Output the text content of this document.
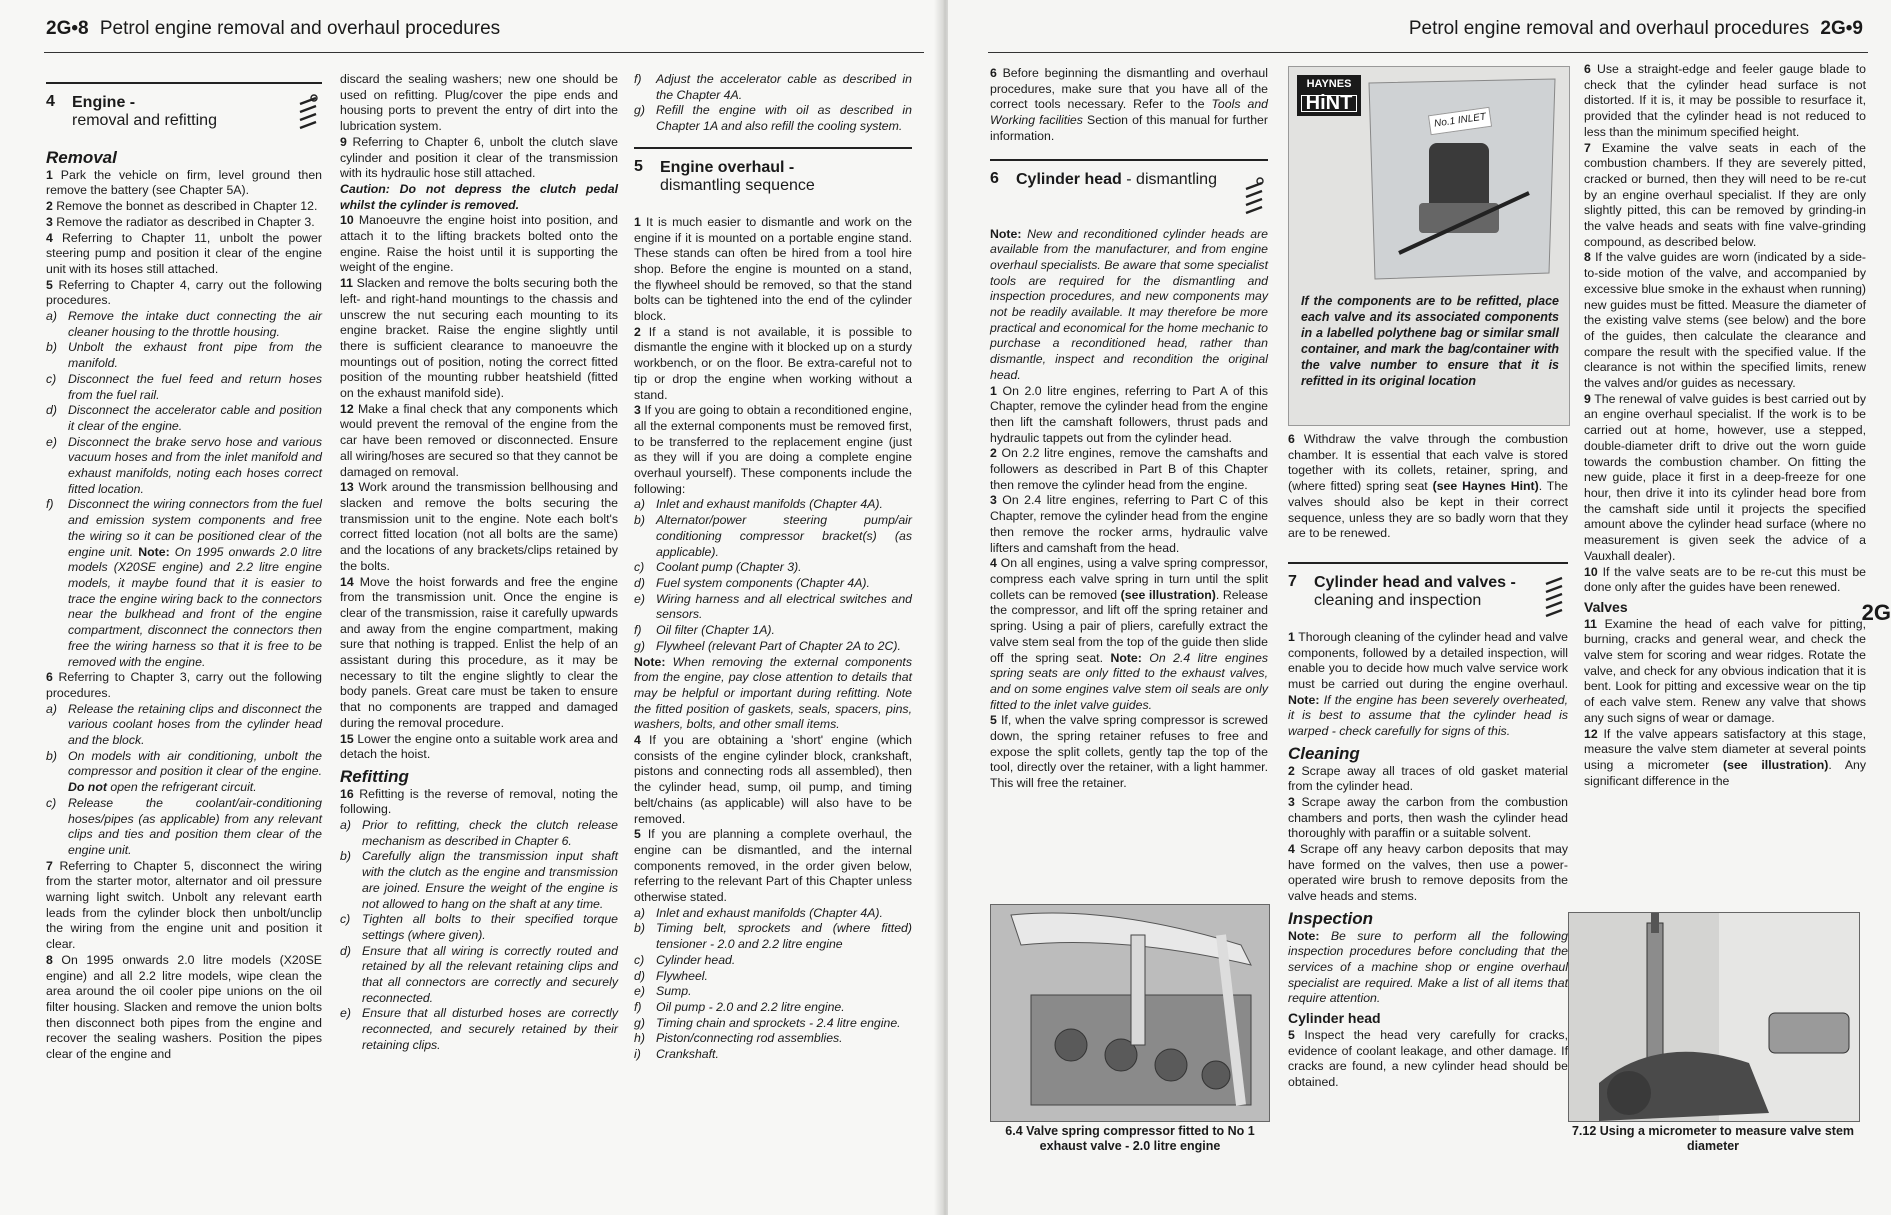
2G•8 Petrol engine removal and overhaul procedures
4	Engine -
removal and refitting
Removal

1 Park the vehicle on firm, level ground then remove the battery (see Chapter 5A).

2 Remove the bonnet as described in Chapter 12.

3 Remove the radiator as described in Chapter 3.

4 Referring to Chapter 11, unbolt the power steering pump and position it clear of the engine unit with its hoses still attached.

5 Referring to Chapter 4, carry out the following procedures.

a) Remove the intake duct connecting the air cleaner housing to the throttle housing.
b) Unbolt the exhaust front pipe from the manifold.
c) Disconnect the fuel feed and return hoses from the fuel rail.
d) Disconnect the accelerator cable and position it clear of the engine.
e) Disconnect the brake servo hose and various vacuum hoses and from the inlet manifold and exhaust manifolds, noting each hoses correct fitted location.
f)	Disconnect the wiring connectors from the fuel and emission system components and free the wiring so it can be positioned clear of the engine unit. Note: On 1995 onwards 2.0 litre models (X20SE engine) and 2.2 litre engine models, it maybe found that it is easier to trace the engine wiring back to the connectors near the bulkhead and front of the engine compartment, disconnect the connectors then free the wiring harness so that it is free to be removed with the engine.

6 Referring to Chapter 3, carry out the following procedures.

a) Release the retaining clips and disconnect the various coolant hoses from the cylinder head and the block.
b) On models with air conditioning, unbolt the compressor and position it clear of the engine. Do not open the refrigerant circuit.
c) Release the coolant/air-conditioning hoses/pipes (as applicable) from any relevant clips and ties and position them clear of the engine unit.

7 Referring to Chapter 5, disconnect the wiring from the starter motor, alternator and oil pressure warning light switch. Unbolt any relevant earth leads from the cylinder block then unbolt/unclip the wiring from the engine unit and position it clear.

8 On 1995 onwards 2.0 litre models (X20SE engine) and all 2.2 litre models, wipe clean the area around the oil cooler pipe unions on the oil filter housing. Slacken and remove the union bolts then disconnect both pipes from the engine and recover the sealing washers. Position the pipes clear of the engine and

discard the sealing washers; new one should be used on refitting. Plug/cover the pipe ends and housing ports to prevent the entry of dirt into the lubrication system.

9 Referring to Chapter 6, unbolt the clutch slave cylinder and position it clear of the transmission with its hydraulic hose still attached.

Caution: Do not depress the clutch pedal whilst the cylinder is removed.

10 Manoeuvre the engine hoist into position, and attach it to the lifting brackets bolted onto the engine. Raise the hoist until it is supporting the weight of the engine.

11 Slacken and remove the bolts securing both the left- and right-hand mountings to the chassis and unscrew the nut securing each mounting to its engine bracket. Raise the engine slightly until there is sufficient clearance to manoeuvre the mountings out of position, noting the correct fitted position of the mounting rubber heatshield (fitted on the exhaust manifold side).

12 Make a final check that any components which would prevent the removal of the engine from the car have been removed or disconnected. Ensure all wiring/hoses are secured so that they cannot be damaged on removal.

13 Work around the transmission bellhousing and slacken and remove the bolts securing the transmission unit to the engine. Note each bolt's correct fitted location (not all bolts are the same) and the locations of any brackets/clips retained by the bolts.

14 Move the hoist forwards and free the engine from the transmission unit. Once the engine is clear of the transmission, raise it carefully upwards and away from the engine compartment, making sure that nothing is trapped. Enlist the help of an assistant during this procedure, as it may be necessary to tilt the engine slightly to clear the body panels. Great care must be taken to ensure that no components are trapped and damaged during the removal procedure.

15 Lower the engine onto a suitable work area and detach the hoist.

Refitting

16 Refitting is the reverse of removal, noting the following.

a) Prior to refitting, check the clutch release mechanism as described in Chapter 6.
b) Carefully align the transmission input shaft with the clutch as the engine and transmission are joined. Ensure the weight of the engine is not allowed to hang on the shaft at any time.
c) Tighten all bolts to their specified torque settings (where given).
d) Ensure that all wiring is correctly routed and retained by all the relevant retaining clips and that all connectors are correctly and securely reconnected.
e) Ensure that all disturbed hoses are correctly reconnected, and securely retained by their retaining clips.
f)	Adjust the accelerator cable as described in the Chapter 4A.
g) Refill the engine with oil as described in Chapter 1A and also refill the cooling system.
5	Engine overhaul -
dismantling sequence

1 It is much easier to dismantle and work on the engine if it is mounted on a portable engine stand. These stands can often be hired from a tool hire shop. Before the engine is mounted on a stand, the flywheel should be removed, so that the stand bolts can be tightened into the end of the cylinder block.

2 If a stand is not available, it is possible to dismantle the engine with it blocked up on a sturdy workbench, or on the floor. Be extra-careful not to tip or drop the engine when working without a stand.

3 If you are going to obtain a reconditioned engine, all the external components must be removed first, to be transferred to the replacement engine (just as they will if you are doing a complete engine overhaul yourself). These components include the following:

a) Inlet and exhaust manifolds (Chapter 4A).
b) Alternator/power steering pump/air conditioning compressor bracket(s) (as applicable).
c) Coolant pump (Chapter 3).
d) Fuel system components (Chapter 4A).
e) Wiring harness and all electrical switches and sensors.
f)	Oil filter (Chapter 1A).
g) Flywheel (relevant Part of Chapter 2A to 2C).

Note: When removing the external components from the engine, pay close attention to details that may be helpful or important during refitting. Note the fitted position of gaskets, seals, spacers, pins, washers, bolts, and other small items.

4 If you are obtaining a 'short' engine (which consists of the engine cylinder block, crankshaft, pistons and connecting rods all assembled), then the cylinder head, sump, oil pump, and timing belt/chains (as applicable) will also have to be removed.

5 If you are planning a complete overhaul, the engine can be dismantled, and the internal components removed, in the order given below, referring to the relevant Part of this Chapter unless otherwise stated.

a) Inlet and exhaust manifolds (Chapter 4A).
b) Timing belt, sprockets and (where fitted) tensioner - 2.0 and 2.2 litre engine
c) Cylinder head.
d) Flywheel.
e) Sump.
f)	Oil pump - 2.0 and 2.2 litre engine.
g) Timing chain and sprockets - 2.4 litre engine.
h) Piston/connecting rod assemblies.
i)	Crankshaft.
Petrol engine removal and overhaul procedures 2G•9
2G

6 Before beginning the dismantling and overhaul procedures, make sure that you have all of the correct tools necessary. Refer to the Tools and Working facilities Section of this manual for further information.

6	Cylinder head - dismantling

Note: New and reconditioned cylinder heads are available from the manufacturer, and from engine overhaul specialists. Be aware that some specialist tools are required for the dismantling and inspection procedures, and new components may not be readily available. It may therefore be more practical and economical for the home mechanic to purchase a reconditioned head, rather than dismantle, inspect and recondition the original head.

1 On 2.0 litre engines, referring to Part A of this Chapter, remove the cylinder head from the engine then lift the camshaft followers, thrust pads and hydraulic tappets out from the cylinder head.

2 On 2.2 litre engines, remove the camshafts and followers as described in Part B of this Chapter then remove the cylinder head from the engine.

3 On 2.4 litre engines, referring to Part C of this Chapter, remove the cylinder head from the engine then remove the rocker arms, hydraulic valve lifters and camshaft from the head.

4 On all engines, using a valve spring compressor, compress each valve spring in turn until the split collets can be removed (see illustration). Release the compressor, and lift off the spring retainer and spring. Using a pair of pliers, carefully extract the valve stem seal from the top of the guide then slide off the spring seat. Note: On 2.4 litre engines spring seats are only fitted to the exhaust valves, and on some engines valve stem oil seals are only fitted to the inlet valve guides.

5 If, when the valve spring compressor is screwed down, the spring retainer refuses to free and expose the split collets, gently tap the top of the tool, directly over the retainer, with a light hammer. This will free the retainer.

6.4 Valve spring compressor fitted to No 1 exhaust valve - 2.0 litre engine
HAYNES
HiNT
No.1 INLET
If the components are to be refitted, place each valve and its associated components in a labelled polythene bag or similar small container, and mark the bag/container with the valve number to ensure that it is refitted in its original location

6 Withdraw the valve through the combustion chamber. It is essential that each valve is stored together with its collets, retainer, spring, and (where fitted) spring seat (see Haynes Hint). The valves should also be kept in their correct sequence, unless they are so badly worn that they are to be renewed.

7	Cylinder head and valves -
cleaning and inspection

1 Thorough cleaning of the cylinder head and valve components, followed by a detailed inspection, will enable you to decide how much valve service work must be carried out during the engine overhaul. Note: If the engine has been severely overheated, it is best to assume that the cylinder head is warped - check carefully for signs of this.

Cleaning

2 Scrape away all traces of old gasket material from the cylinder head.

3 Scrape away the carbon from the combustion chambers and ports, then wash the cylinder head thoroughly with paraffin or a suitable solvent.

4 Scrape off any heavy carbon deposits that may have formed on the valves, then use a power-operated wire brush to remove deposits from the valve heads and stems.

Inspection

Note: Be sure to perform all the following inspection procedures before concluding that the services of a machine shop or engine overhaul specialist are required. Make a list of all items that require attention.

Cylinder head

5 Inspect the head very carefully for cracks, evidence of coolant leakage, and other damage. If cracks are found, a new cylinder head should be obtained.

6 Use a straight-edge and feeler gauge blade to check that the cylinder head surface is not distorted. If it is, it may be possible to resurface it, provided that the cylinder head is not reduced to less than the minimum specified height.

7 Examine the valve seats in each of the combustion chambers. If they are severely pitted, cracked or burned, then they will need to be re-cut by an engine overhaul specialist. If they are only slightly pitted, this can be removed by grinding-in the valve heads and seats with fine valve-grinding compound, as described below.

8 If the valve guides are worn (indicated by a side-to-side motion of the valve, and accompanied by excessive blue smoke in the exhaust when running) new guides must be fitted. Measure the diameter of the existing valve stems (see below) and the bore of the guides, then calculate the clearance and compare the result with the specified value. If the clearance is not within the specified limits, renew the valves and/or guides as necessary.

9 The renewal of valve guides is best carried out by an engine overhaul specialist. If the work is to be carried out at home, however, use a stepped, double-diameter drift to drive out the worn guide towards the combustion chamber. On fitting the new guide, place it first in a deep-freeze for one hour, then drive it into its cylinder head bore from the camshaft side until it projects the specified amount above the cylinder head surface (where no measurement is given seek the advice of a Vauxhall dealer).

10 If the valve seats are to be re-cut this must be done only after the guides have been renewed.

Valves

11 Examine the head of each valve for pitting, burning, cracks and general wear, and check the valve stem for scoring and wear ridges. Rotate the valve, and check for any obvious indication that it is bent. Look for pitting and excessive wear on the tip of each valve stem. Renew any valve that shows any such signs of wear or damage.

12 If the valve appears satisfactory at this stage, measure the valve stem diameter at several points using a micrometer (see illustration). Any significant difference in the

7.12 Using a micrometer to measure valve stem diameter
